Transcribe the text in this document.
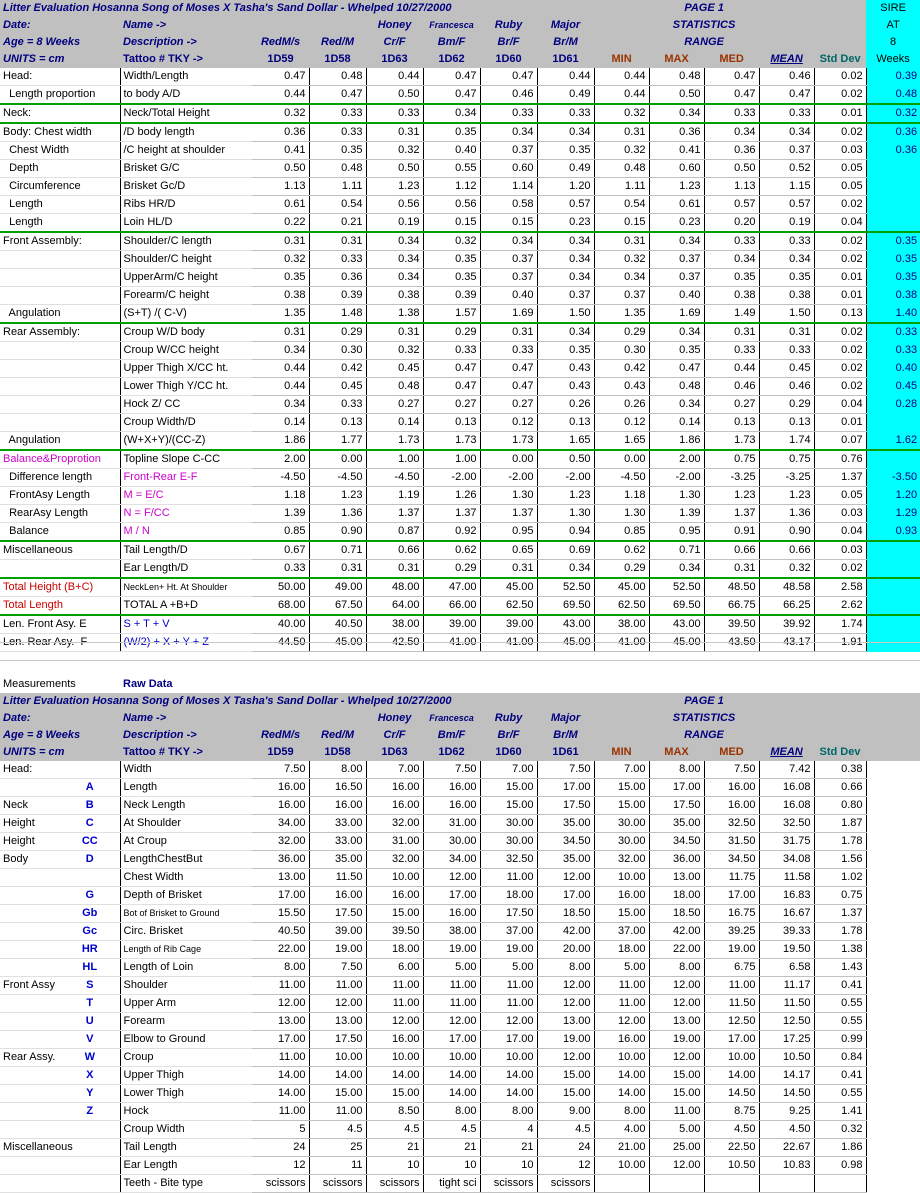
Litter Evaluation Hosanna Song of Moses X Tasha's Sand Dollar - Whelped 10/27/2000								PAGE 1					SIRE
Date:	Name ->			Honey	Francesca	Ruby	Major	STATISTICS					AT
Age = 8 Weeks	Description ->	RedM/s	Red/M	Cr/F	Bm/F	Br/F	Br/M	RANGE					8
UNITS = cm	Tattoo # TKY ->	1D59	1D58	1D63	1D62	1D60	1D61	MIN	MAX	MED	MEAN	Std Dev	Weeks
Head:	Width/Length	0.47	0.48	0.44	0.47	0.47	0.44	0.44	0.48	0.47	0.46	0.02	0.39
Length proportion	to body A/D	0.44	0.47	0.50	0.47	0.46	0.49	0.44	0.50	0.47	0.47	0.02	0.48
Neck:	Neck/Total Height	0.32	0.33	0.33	0.34	0.33	0.33	0.32	0.34	0.33	0.33	0.01	0.32
Body: Chest width	/D body length	0.36	0.33	0.31	0.35	0.34	0.34	0.31	0.36	0.34	0.34	0.02	0.36
Chest Width	/C height at shoulder	0.41	0.35	0.32	0.40	0.37	0.35	0.32	0.41	0.36	0.37	0.03	0.36
Depth	Brisket G/C	0.50	0.48	0.50	0.55	0.60	0.49	0.48	0.60	0.50	0.52	0.05	
Circumference	Brisket Gc/D	1.13	1.11	1.23	1.12	1.14	1.20	1.11	1.23	1.13	1.15	0.05	
Length	Ribs HR/D	0.61	0.54	0.56	0.56	0.58	0.57	0.54	0.61	0.57	0.57	0.02	
Length	Loin HL/D	0.22	0.21	0.19	0.15	0.15	0.23	0.15	0.23	0.20	0.19	0.04	
Front Assembly:	Shoulder/C length	0.31	0.31	0.34	0.32	0.34	0.34	0.31	0.34	0.33	0.33	0.02	0.35
	Shoulder/C height	0.32	0.33	0.34	0.35	0.37	0.34	0.32	0.37	0.34	0.34	0.02	0.35
	UpperArm/C height	0.35	0.36	0.34	0.35	0.37	0.34	0.34	0.37	0.35	0.35	0.01	0.35
	Forearm/C height	0.38	0.39	0.38	0.39	0.40	0.37	0.37	0.40	0.38	0.38	0.01	0.38
Angulation	(S+T) /( C-V)	1.35	1.48	1.38	1.57	1.69	1.50	1.35	1.69	1.49	1.50	0.13	1.40
Rear Assembly:	Croup W/D body	0.31	0.29	0.31	0.29	0.31	0.34	0.29	0.34	0.31	0.31	0.02	0.33
	Croup W/CC height	0.34	0.30	0.32	0.33	0.33	0.35	0.30	0.35	0.33	0.33	0.02	0.33
	Upper Thigh X/CC ht.	0.44	0.42	0.45	0.47	0.47	0.43	0.42	0.47	0.44	0.45	0.02	0.40
	Lower Thigh Y/CC ht.	0.44	0.45	0.48	0.47	0.47	0.43	0.43	0.48	0.46	0.46	0.02	0.45
	Hock Z/ CC	0.34	0.33	0.27	0.27	0.27	0.26	0.26	0.34	0.27	0.29	0.04	0.28
	Croup Width/D	0.14	0.13	0.14	0.13	0.12	0.13	0.12	0.14	0.13	0.13	0.01	
Angulation	(W+X+Y)/(CC-Z)	1.86	1.77	1.73	1.73	1.73	1.65	1.65	1.86	1.73	1.74	0.07	1.62
Balance&Proprotion	Topline Slope C-CC	2.00	0.00	1.00	1.00	0.00	0.50	0.00	2.00	0.75	0.75	0.76	
Difference length	Front-Rear E-F	-4.50	-4.50	-4.50	-2.00	-2.00	-2.00	-4.50	-2.00	-3.25	-3.25	1.37	-3.50
FrontAsy Length	M = E/C	1.18	1.23	1.19	1.26	1.30	1.23	1.18	1.30	1.23	1.23	0.05	1.20
RearAsy Length	N = F/CC	1.39	1.36	1.37	1.37	1.37	1.30	1.30	1.39	1.37	1.36	0.03	1.29
Balance	M / N	0.85	0.90	0.87	0.92	0.95	0.94	0.85	0.95	0.91	0.90	0.04	0.93
Miscellaneous	Tail Length/D	0.67	0.71	0.66	0.62	0.65	0.69	0.62	0.71	0.66	0.66	0.03	
	Ear Length/D	0.33	0.31	0.31	0.29	0.31	0.34	0.29	0.34	0.31	0.32	0.02	
Total Height (B+C)	NeckLen+ Ht. At Shoulder	50.00	49.00	48.00	47.00	45.00	52.50	45.00	52.50	48.50	48.58	2.58	
Total Length	TOTAL A +B+D	68.00	67.50	64.00	66.00	62.50	69.50	62.50	69.50	66.75	66.25	2.62	
Len. Front Asy. E	S + T + V	40.00	40.50	38.00	39.00	39.00	43.00	38.00	43.00	39.50	39.92	1.74	
Len. Rear Asy.  F	(W/2) + X + Y + Z	44.50	45.00	42.50	41.00	41.00	45.00	41.00	45.00	43.50	43.17	1.91	
Measurements		Raw Data												
Litter Evaluation Hosanna Song of Moses X Tasha's Sand Dollar - Whelped 10/27/2000									PAGE 1					
Date:		Name ->			Honey	Francesca	Ruby	Major	STATISTICS					
Age = 8 Weeks		Description ->	RedM/s	Red/M	Cr/F	Bm/F	Br/F	Br/M	RANGE					
UNITS = cm		Tattoo # TKY ->	1D59	1D58	1D63	1D62	1D60	1D61	MIN	MAX	MED	MEAN	Std Dev	
Head:		Width	7.50	8.00	7.00	7.50	7.00	7.50	7.00	8.00	7.50	7.42	0.38	
	A	Length	16.00	16.50	16.00	16.00	15.00	17.00	15.00	17.00	16.00	16.08	0.66	
Neck	B	Neck Length	16.00	16.00	16.00	16.00	15.00	17.50	15.00	17.50	16.00	16.08	0.80	
Height	C	At Shoulder	34.00	33.00	32.00	31.00	30.00	35.00	30.00	35.00	32.50	32.50	1.87	
Height	CC	At Croup	32.00	33.00	31.00	30.00	30.00	34.50	30.00	34.50	31.50	31.75	1.78	
Body	D	LengthChestBut	36.00	35.00	32.00	34.00	32.50	35.00	32.00	36.00	34.50	34.08	1.56	
		Chest Width	13.00	11.50	10.00	12.00	11.00	12.00	10.00	13.00	11.75	11.58	1.02	
	G	Depth of Brisket	17.00	16.00	16.00	17.00	18.00	17.00	16.00	18.00	17.00	16.83	0.75	
	Gb	Bot of Brisket to Ground	15.50	17.50	15.00	16.00	17.50	18.50	15.00	18.50	16.75	16.67	1.37	
	Gc	Circ. Brisket	40.50	39.00	39.50	38.00	37.00	42.00	37.00	42.00	39.25	39.33	1.78	
	HR	Length of Rib Cage	22.00	19.00	18.00	19.00	19.00	20.00	18.00	22.00	19.00	19.50	1.38	
	HL	Length of Loin	8.00	7.50	6.00	5.00	5.00	8.00	5.00	8.00	6.75	6.58	1.43	
Front Assy	S	Shoulder	11.00	11.00	11.00	11.00	11.00	12.00	11.00	12.00	11.00	11.17	0.41	
	T	Upper Arm	12.00	12.00	11.00	11.00	11.00	12.00	11.00	12.00	11.50	11.50	0.55	
	U	Forearm	13.00	13.00	12.00	12.00	12.00	13.00	12.00	13.00	12.50	12.50	0.55	
	V	Elbow to Ground	17.00	17.50	16.00	17.00	17.00	19.00	16.00	19.00	17.00	17.25	0.99	
Rear Assy.	W	Croup	11.00	10.00	10.00	10.00	10.00	12.00	10.00	12.00	10.00	10.50	0.84	
	X	Upper Thigh	14.00	14.00	14.00	14.00	14.00	15.00	14.00	15.00	14.00	14.17	0.41	
	Y	Lower Thigh	14.00	15.00	15.00	14.00	14.00	15.00	14.00	15.00	14.50	14.50	0.55	
	Z	Hock	11.00	11.00	8.50	8.00	8.00	9.00	8.00	11.00	8.75	9.25	1.41	
		Croup Width	5	4.5	4.5	4.5	4	4.5	4.00	5.00	4.50	4.50	0.32	
Miscellaneous		Tail Length	24	25	21	21	21	24	21.00	25.00	22.50	22.67	1.86	
		Ear Length	12	11	10	10	10	12	10.00	12.00	10.50	10.83	0.98	
		Teeth - Bite type	scissors	scissors	scissors	tight sci	scissors	scissors						
